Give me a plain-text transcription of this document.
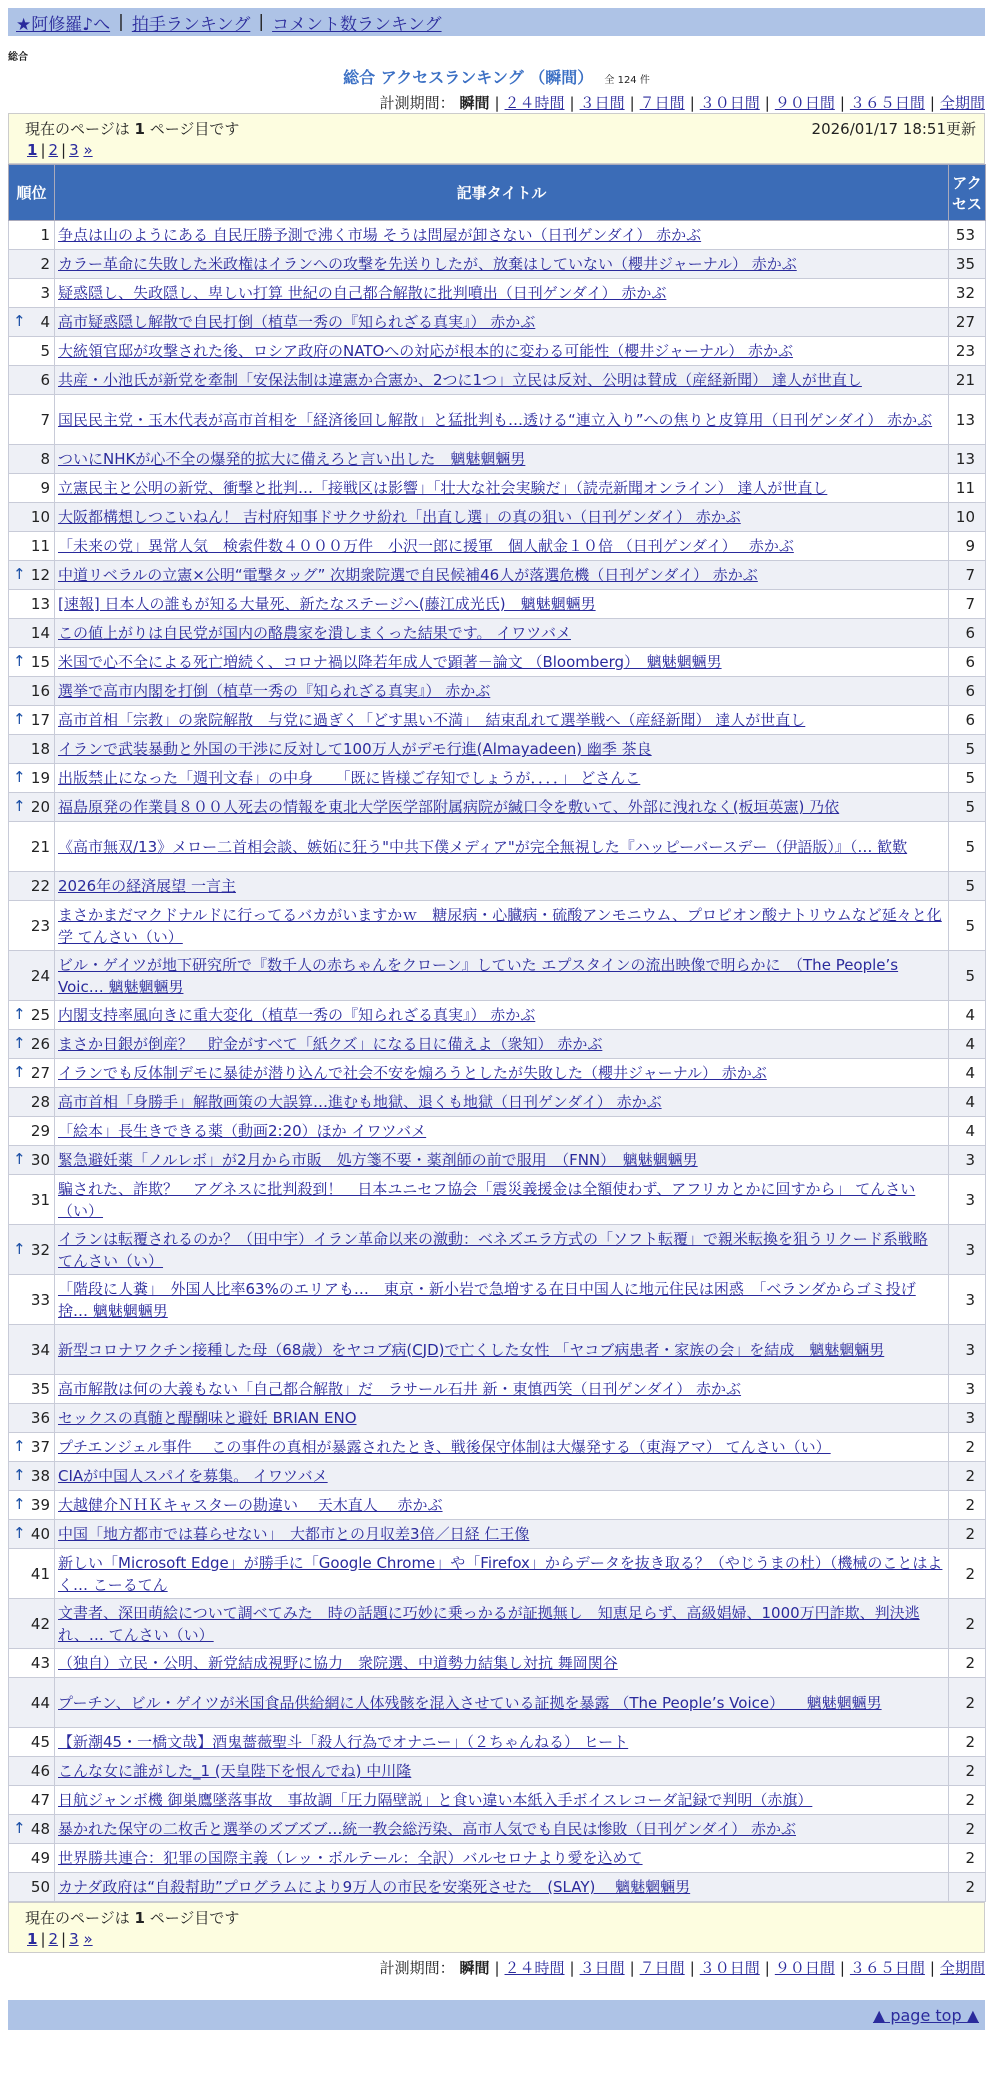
★阿修羅♪へ | 拍手ランキング | コメント数ランキング
総合
総合 アクセスランキング （瞬間） 全 124 件
計測期間： 瞬間 | ２４時間 | ３日間 | ７日間 | ３０日間 | ９０日間 | ３６５日間 | 全期間
現在のページは 1 ページ目です	2026/01/17 18:51更新
1 | 2 | 3 »
順位	記事タイトル	アクセス
1	争点は山のようにある 自民圧勝予測で沸く市場 そうは問屋が卸さない（日刊ゲンダイ） 赤かぶ	53
2	カラー革命に失敗した米政権はイランへの攻撃を先送りしたが、放棄はしていない（櫻井ジャーナル） 赤かぶ	35
3	疑惑隠し、失政隠し、卑しい打算 世紀の自己都合解散に批判噴出（日刊ゲンダイ） 赤かぶ	32

↑ 4	高市疑惑隠し解散で自民打倒（植草一秀の『知られざる真実』） 赤かぶ	27
5	大統領官邸が攻撃された後、ロシア政府のNATOへの対応が根本的に変わる可能性（櫻井ジャーナル） 赤かぶ	23
6	共産・小池氏が新党を牽制「安保法制は違憲か合憲か、2つに1つ」立民は反対、公明は賛成（産経新聞） 達人が世直し	21
7	国民民主党・玉木代表が高市首相を「経済後回し解散」と猛批判も…透ける“連立入り”への焦りと皮算用（日刊ゲンダイ） 赤かぶ	13
8	ついにNHKが心不全の爆発的拡大に備えろと言い出した　魑魅魍魎男	13
9	立憲民主と公明の新党、衝撃と批判…「接戦区は影響」「壮大な社会実験だ」（読売新聞オンライン） 達人が世直し	11
10	大阪都構想しつこいねん！ 吉村府知事ドサクサ紛れ「出直し選」の真の狙い（日刊ゲンダイ） 赤かぶ	10
11	「未来の党」異常人気　検索件数４０００万件　小沢一郎に援軍　個人献金１０倍 （日刊ゲンダイ）　 赤かぶ	9

↑ 12	中道リベラルの立憲×公明“電撃タッグ” 次期衆院選で自民候補46人が落選危機（日刊ゲンダイ） 赤かぶ	7
13	[速報] 日本人の誰もが知る大量死、新たなステージへ(藤江成光氏)　魑魅魍魎男	7
14	この値上がりは自民党が国内の酪農家を潰しまくった結果です。 イワツバメ	6

↑ 15	米国で心不全による死亡増続く、コロナ禍以降若年成人で顕著－論文 （Bloomberg）　魑魅魍魎男	6
16	選挙で高市内閣を打倒（植草一秀の『知られざる真実』） 赤かぶ	6

↑ 17	高市首相「宗教」の衆院解散　与党に過ぎく「どす黒い不満」　結束乱れて選挙戦へ（産経新聞） 達人が世直し	6
18	イランで武装暴動と外国の干渉に反対して100万人がデモ行進(Almayadeen) 幽季 茶良	5

↑ 19	出版禁止になった「週刊文春」の中身　　「既に皆様ご存知でしょうが．．．．」 どさんこ	5

↑ 20	福島原発の作業員８００人死去の情報を東北大学医学部附属病院が緘口令を敷いて、外部に洩れなく(板垣英憲) 乃依	5
21	《高市無双/13》メロー二首相会談、嫉妬に狂う"中共下僕メディア"が完全無視した『ハッピーバースデー（伊語版）』（… 歓歎	5
22	2026年の経済展望 一言主	5
23	まさかまだマクドナルドに行ってるバカがいますかｗ　糖尿病・心臓病・硫酸アンモニウム、プロピオン酸ナトリウムなど延々と化学 てんさい（い）	5
24	ビル・ゲイツが地下研究所で『数千人の赤ちゃんをクローン』していた エプスタインの流出映像で明らかに　（The People’s Voic… 魑魅魍魎男	5

↑ 25	内閣支持率風向きに重大変化（植草一秀の『知られざる真実』） 赤かぶ	4

↑ 26	まさか日銀が倒産？　貯金がすべて「紙クズ」になる日に備えよ（衆知） 赤かぶ	4

↑ 27	イランでも反体制デモに暴徒が潜り込んで社会不安を煽ろうとしたが失敗した（櫻井ジャーナル） 赤かぶ	4
28	高市首相「身勝手」解散画策の大誤算…進むも地獄、退くも地獄（日刊ゲンダイ） 赤かぶ	4
29	「絵本」長生きできる薬（動画2:20）ほか イワツバメ	4

↑ 30	緊急避妊薬「ノルレボ」が2月から市販　処方箋不要・薬剤師の前で服用　（FNN）　魑魅魍魎男	3
31	騙された、詐欺？　アグネスに批判殺到！　日本ユニセフ協会「震災義援金は全額使わず、アフリカとかに回すから」 てんさい（い）	3

↑ 32	イランは転覆されるのか？（田中宇）イラン革命以来の激動：ベネズエラ方式の「ソフト転覆」で親米転換を狙うリクード系戦略 てんさい（い）	3
33	「階段に人糞」　外国人比率63%のエリアも…　東京・新小岩で急増する在日中国人に地元住民は困惑　「ベランダからゴミ投げ捨… 魑魅魍魎男	3
34	新型コロナワクチン接種した母（68歳）をヤコブ病(CJD)で亡くした女性 「ヤコブ病患者・家族の会」を結成　魑魅魍魎男	3
35	高市解散は何の大義もない「自己都合解散」だ　ラサール石井 新・東慎西笑（日刊ゲンダイ） 赤かぶ	3
36	セックスの真髄と醍醐味と避妊 BRIAN ENO	3

↑ 37	プチエンジェル事件　 この事件の真相が暴露されたとき、戦後保守体制は大爆発する（東海アマ） てんさい（い）	2

↑ 38	CIAが中国人スパイを募集。 イワツバメ	2

↑ 39	大越健介ＮＨＫキャスターの勘違い　 天木直人　 赤かぶ	2

↑ 40	中国「地方都市では暮らせない」　大都市との月収差3倍／日経 仁王像	2
41	新しい「Microsoft Edge」が勝手に「Google Chrome」や「Firefox」からデータを抜き取る？（やじうまの杜）（機械のことはよく… こーるてん	2
42	文書者、深田萌絵について調べてみた　時の話題に巧妙に乗っかるが証拠無し　知恵足らず、高級娼婦、1000万円詐欺、判決逃れ、… てんさい（い）	2
43	（独自）立民・公明、新党結成視野に協力　衆院選、中道勢力結集し対抗 舞岡関谷	2
44	プーチン、ビル・ゲイツが米国食品供給網に人体残骸を混入させている証拠を暴露 （The People’s Voice）　　魑魅魍魎男	2
45	【新潮45・一橋文哉】酒鬼薔薇聖斗「殺人行為でオナニー」（２ちゃんねる） ヒート	2
46	こんな女に誰がした_1 (天皇陛下を恨んでね) 中川隆	2
47	日航ジャンボ機 御巣鷹墜落事故　事故調「圧力隔壁説」と食い違い本紙入手ボイスレコーダ記録で判明（赤旗）	2

↑ 48	暴かれた保守の二枚舌と選挙のズブズブ…統一教会総汚染、高市人気でも自民は惨敗（日刊ゲンダイ） 赤かぶ	2
49	世界勝共連合：犯罪の国際主義（レッ・ボルテール：全訳）バルセロナより愛を込めて	2
50	カナダ政府は“自殺幇助”プログラムにより9万人の市民を安楽死させた　(SLAY)　 魑魅魍魎男	2
現在のページは 1 ページ目です
1 | 2 | 3 »
計測期間： 瞬間 | ２４時間 | ３日間 | ７日間 | ３０日間 | ９０日間 | ３６５日間 | 全期間
▲ page top ▲
